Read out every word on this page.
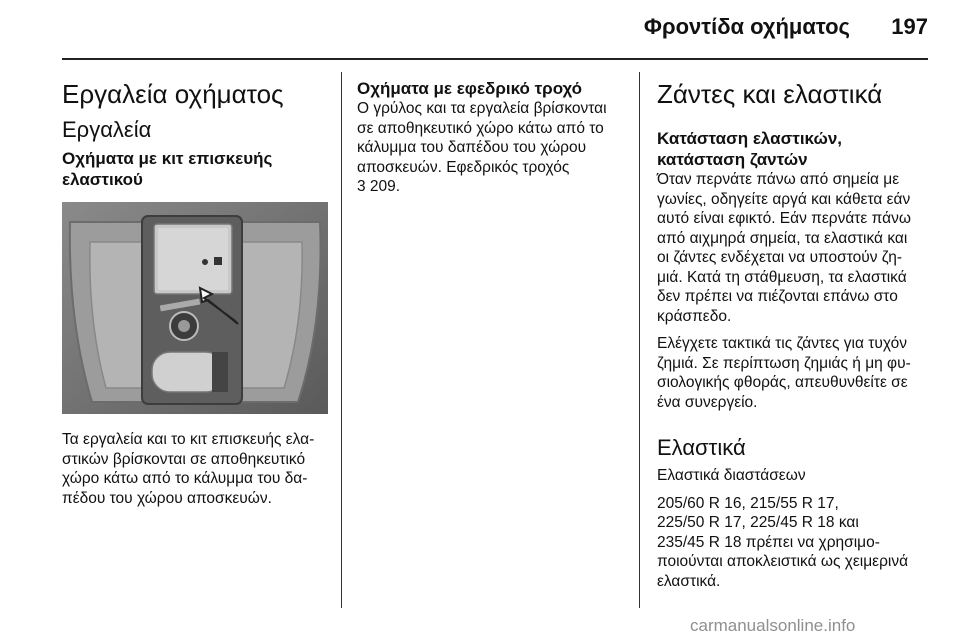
Φροντίδα οχήματος	197
Εργαλεία οχήματος
Εργαλεία
Οχήματα με κιτ επισκευής
ελαστικού

Τα εργαλεία και το κιτ επισκευής ελα-

στικών βρίσκονται σε αποθηκευτικό

χώρο κάτω από το κάλυμμα του δα-

πέδου του χώρου αποσκευών.

Οχήματα με εφεδρικό τροχό

Ο γρύλος και τα εργαλεία βρίσκονται

σε αποθηκευτικό χώρο κάτω από το

κάλυμμα του δαπέδου του χώρου

αποσκευών. Εφεδρικός τροχός

3 209.

Ζάντες και ελαστικά
Κατάσταση ελαστικών,
κατάσταση ζαντών

Όταν περνάτε πάνω από σημεία με

γωνίες, οδηγείτε αργά και κάθετα εάν

αυτό είναι εφικτό. Εάν περνάτε πάνω

από αιχμηρά σημεία, τα ελαστικά και

οι ζάντες ενδέχεται να υποστούν ζη-

μιά. Κατά τη στάθμευση, τα ελαστικά

δεν πρέπει να πιέζονται επάνω στο

κράσπεδο.

Ελέγχετε τακτικά τις ζάντες για τυχόν

ζημιά. Σε περίπτωση ζημιάς ή μη φυ-

σιολογικής φθοράς, απευθυνθείτε σε

ένα συνεργείο.

Ελαστικά

Ελαστικά διαστάσεων

205/60 R 16, 215/55 R 17,

225/50 R 17, 225/45 R 18 και

235/45 R 18 πρέπει να χρησιμο-

ποιούνται αποκλειστικά ως χειμερινά

ελαστικά.

carmanualsonline.info
